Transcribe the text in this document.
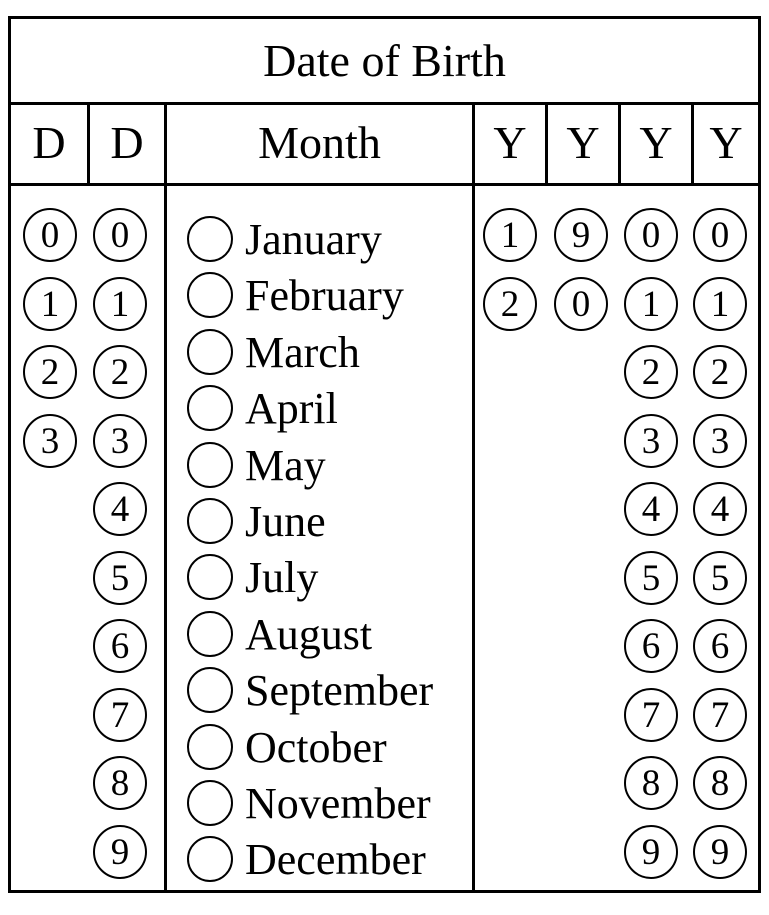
Date of Birth
D D	Month	Y Y Y Y
0
1
2
3
0
1
2
3
4
5
6
7
8
9
1
2
9
0
0
1
2
3
4
5
6
7
8
9
0
1
2
3
4
5
6
7
8
9
January
February
March
April
May
June
July
August
September
October
November
December
